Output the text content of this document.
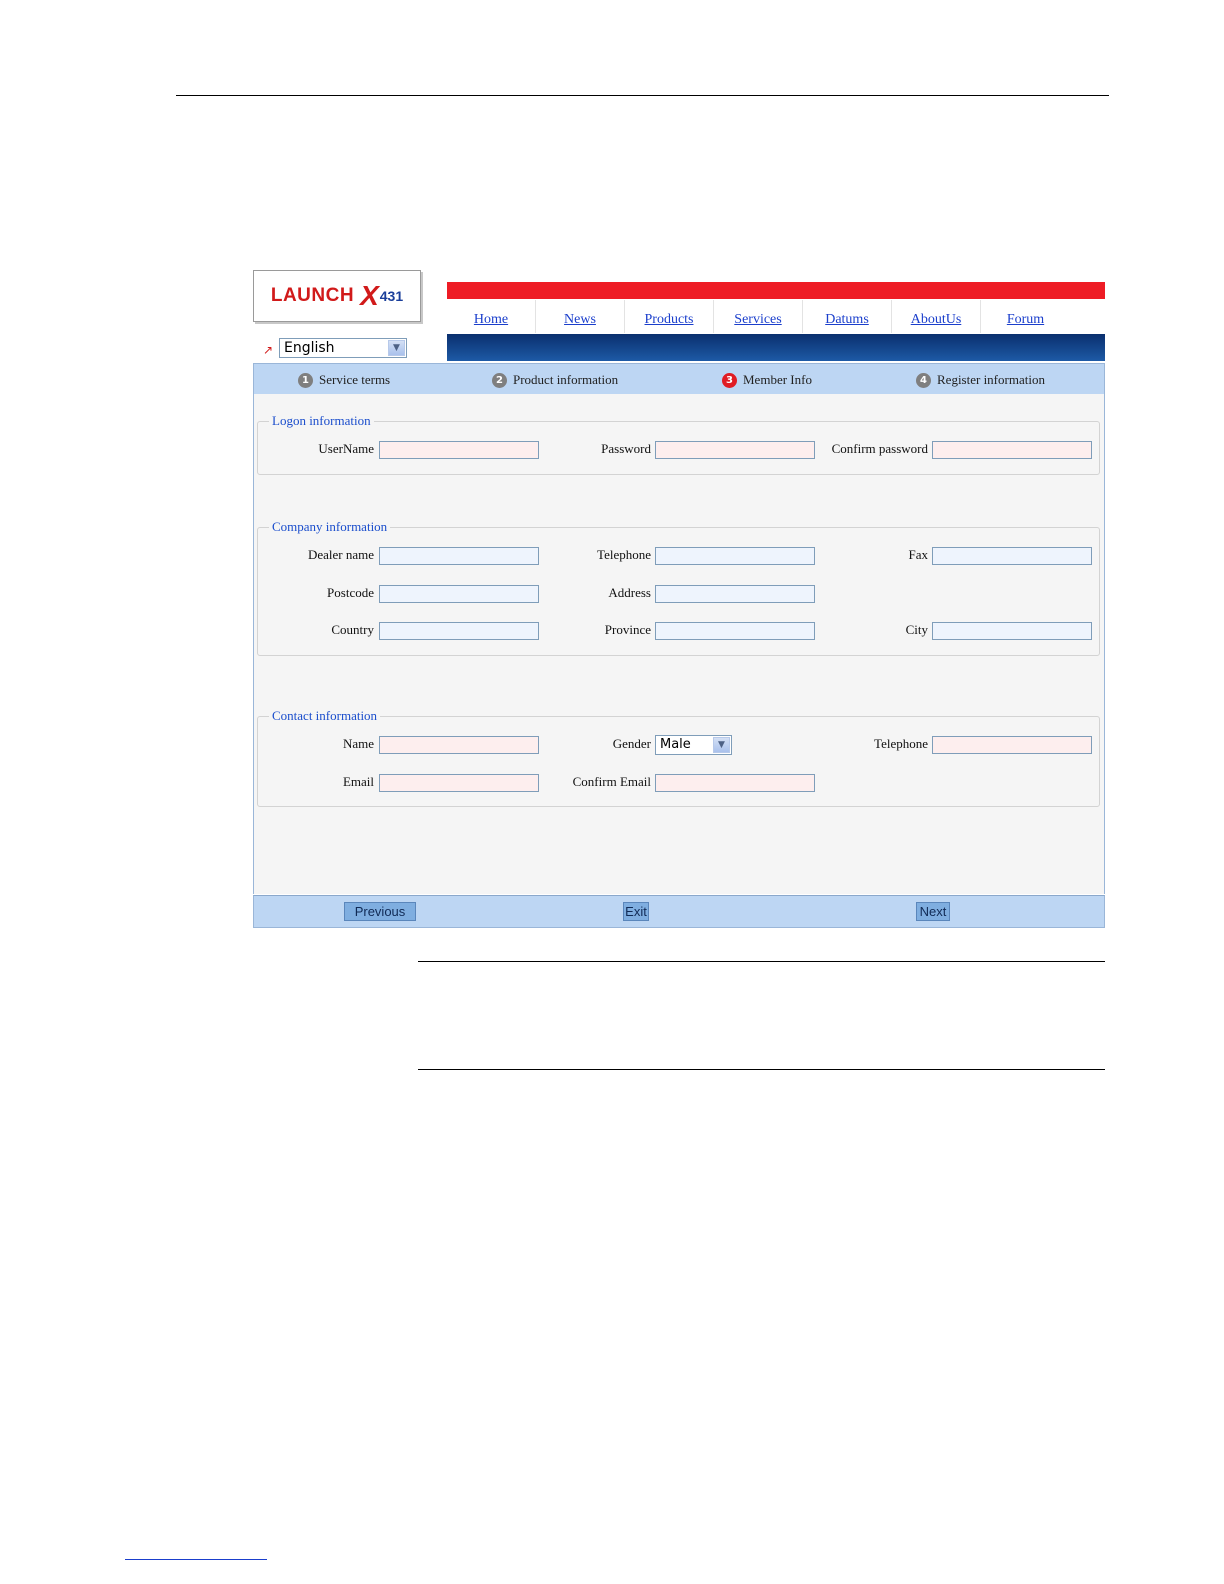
LAUNCH X 431
Home	News	Products	Services	Datums	AboutUs	Forum
↗ English	▼
1 Service terms	2 Product information	3 Member Info	4 Register information
Logon information
UserName	Password	Confirm password
Company information
Dealer name	Telephone	Fax
Postcode	Address
Country	Province	City
Contact information
Name	Gender Male	▼	Telephone
Email	Confirm Email
Previous	Exit	Next
